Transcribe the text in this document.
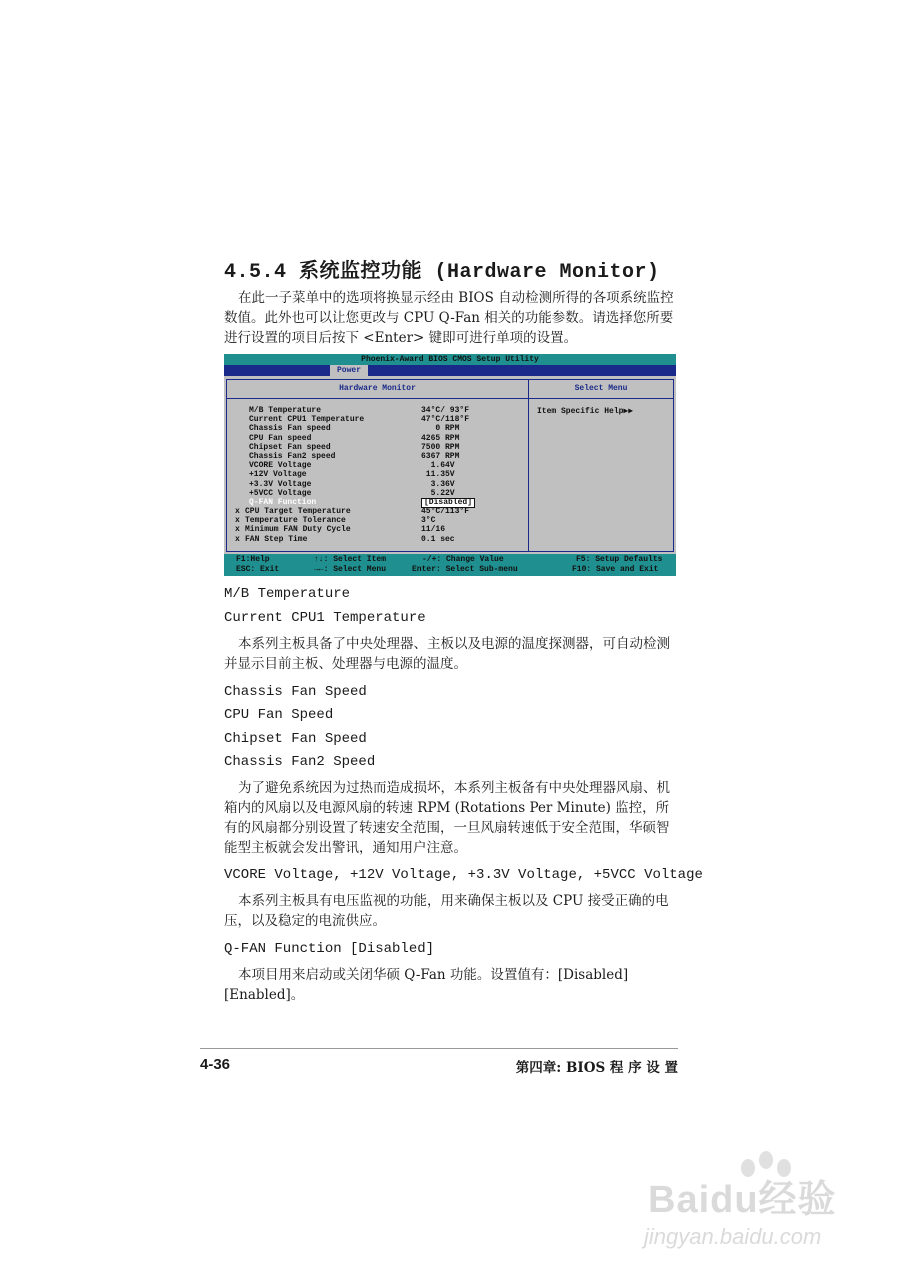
4.5.4 系统监控功能 (Hardware Monitor)
在此一子菜单中的选项将换显示经由 BIOS 自动检测所得的各项系统监控数值。此外也可以让您更改与 CPU Q-Fan 相关的功能参数。请选择您所要进行设置的项目后按下 <Enter> 键即可进行单项的设置。
Phoenix-Award BIOS CMOS Setup Utility
Power
Hardware Monitor
M/B Temperature	34°C/ 93°F
Current CPU1 Temperature	47°C/118°F
Chassis Fan speed	0 RPM
CPU Fan speed	4265 RPM
Chipset Fan speed	7500 RPM
Chassis Fan2 speed	6367 RPM
VCORE Voltage	1.64V
+12V Voltage	11.35V
+3.3V Voltage	3.36V
+5VCC Voltage	5.22V
Q-FAN Function	[Disabled]
x CPU Target Temperature	45°C/113°F
x Temperature Tolerance	3°C
x Minimum FAN Duty Cycle	11/16
x FAN Step Time	0.1 sec
Select Menu
Item Specific Help▶▶
F1:Help	↑↓: Select Item	-/+: Change Value	F5: Setup Defaults
ESC: Exit	→←: Select Menu	Enter: Select Sub-menu	F10: Save and Exit
M/B Temperature
Current CPU1 Temperature
本系列主板具备了中央处理器、主板以及电源的温度探测器，可自动检测并显示目前主板、处理器与电源的温度。
Chassis Fan Speed
CPU Fan Speed
Chipset Fan Speed
Chassis Fan2 Speed
为了避免系统因为过热而造成损坏，本系列主板备有中央处理器风扇、机箱内的风扇以及电源风扇的转速 RPM (Rotations Per Minute) 监控，所有的风扇都分别设置了转速安全范围，一旦风扇转速低于安全范围，华硕智能型主板就会发出警讯，通知用户注意。
VCORE Voltage, +12V Voltage, +3.3V Voltage, +5VCC Voltage
本系列主板具有电压监视的功能，用来确保主板以及 CPU 接受正确的电压，以及稳定的电流供应。
Q-FAN Function [Disabled]
本项目用来启动或关闭华硕 Q-Fan 功能。设置值有：[Disabled] [Enabled]。
4-36	第四章: BIOS 程 序 设 置
Baidu经验
jingyan.baidu.com
